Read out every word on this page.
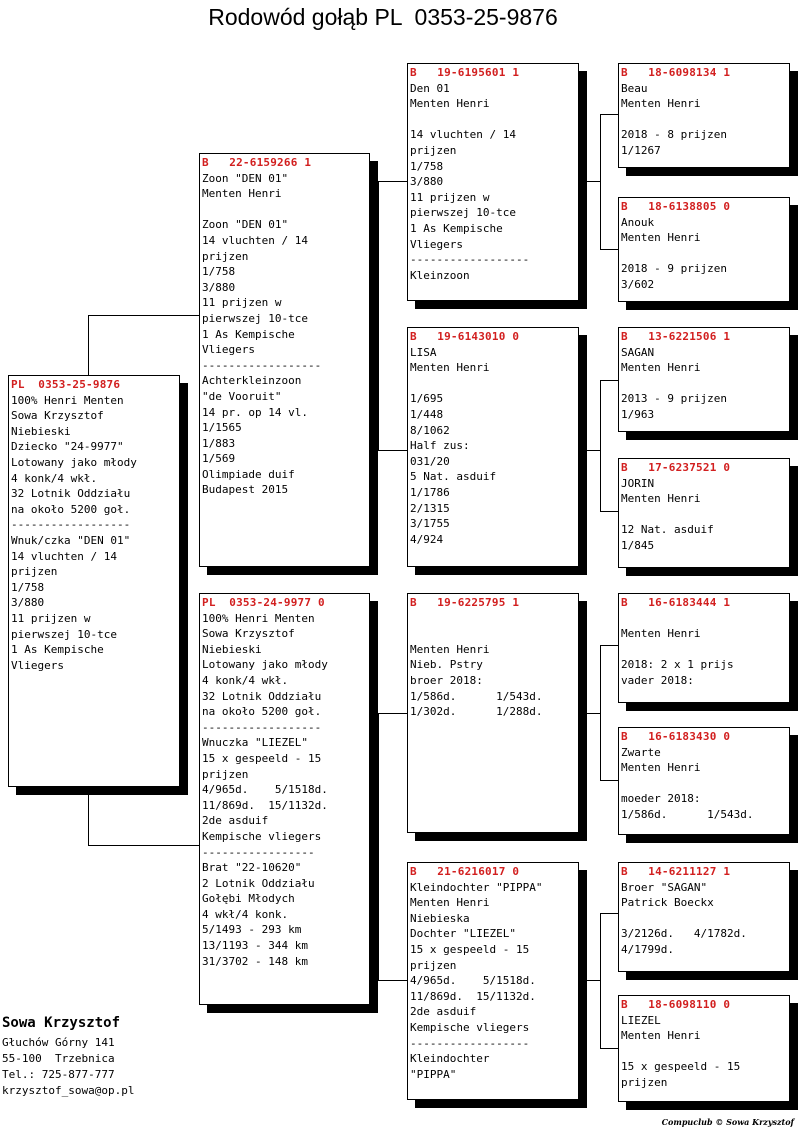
Rodowód gołąb PL  0353-25-9876
PL  0353-25-9876
100% Henri Menten
Sowa Krzysztof
Niebieski
Dziecko "24-9977"
Lotowany jako młody
4 konk/4 wkł.
32 Lotnik Oddziału
na około 5200 goł.
------------------
Wnuk/czka "DEN 01"
14 vluchten / 14
prijzen
1/758
3/880
11 prijzen w
pierwszej 10-tce
1 As Kempische
Vliegers
B   22-6159266 1
Zoon "DEN 01"
Menten Henri
Zoon "DEN 01"
14 vluchten / 14
prijzen
1/758
3/880
11 prijzen w
pierwszej 10-tce
1 As Kempische
Vliegers
------------------
Achterkleinzoon
"de Vooruit"
14 pr. op 14 vl.
1/1565
1/883
1/569
Olimpiade duif
Budapest 2015
PL  0353-24-9977 0
100% Henri Menten
Sowa Krzysztof
Niebieski
Lotowany jako młody
4 konk/4 wkł.
32 Lotnik Oddziału
na około 5200 goł.
------------------
Wnuczka "LIEZEL"
15 x gespeeld - 15
prijzen
4/965d.    5/1518d.
11/869d.  15/1132d.
2de asduif
Kempische vliegers
-----------------
Brat "22-10620"
2 Lotnik Oddziału
Gołębi Młodych
4 wkł/4 konk.
5/1493 - 293 km
13/1193 - 344 km
31/3702 - 148 km
B   19-6195601 1
Den 01
Menten Henri
14 vluchten / 14
prijzen
1/758
3/880
11 prijzen w
pierwszej 10-tce
1 As Kempische
Vliegers
------------------
Kleinzoon
B   19-6143010 0
LISA
Menten Henri
1/695
1/448
8/1062
Half zus:
031/20
5 Nat. asduif
1/1786
2/1315
3/1755
4/924
B   19-6225795 1
Menten Henri
Nieb. Pstry
broer 2018:
1/586d.      1/543d.
1/302d.      1/288d.
B   21-6216017 0
Kleindochter "PIPPA"
Menten Henri
Niebieska
Dochter "LIEZEL"
15 x gespeeld - 15
prijzen
4/965d.    5/1518d.
11/869d.  15/1132d.
2de asduif
Kempische vliegers
------------------
Kleindochter
"PIPPA"
B   18-6098134 1
Beau
Menten Henri
2018 - 8 prijzen
1/1267
B   18-6138805 0
Anouk
Menten Henri
2018 - 9 prijzen
3/602
B   13-6221506 1
SAGAN
Menten Henri
2013 - 9 prijzen
1/963
B   17-6237521 0
JORIN
Menten Henri
12 Nat. asduif
1/845
B   16-6183444 1
Menten Henri
2018: 2 x 1 prijs
vader 2018:
B   16-6183430 0
Zwarte
Menten Henri
moeder 2018:
1/586d.      1/543d.
B   14-6211127 1
Broer "SAGAN"
Patrick Boeckx
3/2126d.   4/1782d.
4/1799d.
B   18-6098110 0
LIEZEL
Menten Henri
15 x gespeeld - 15
prijzen
Sowa Krzysztof
Głuchów Górny 141
55-100  Trzebnica
Tel.: 725-877-777
krzysztof_sowa@op.pl
Compuclub © Sowa Krzysztof
